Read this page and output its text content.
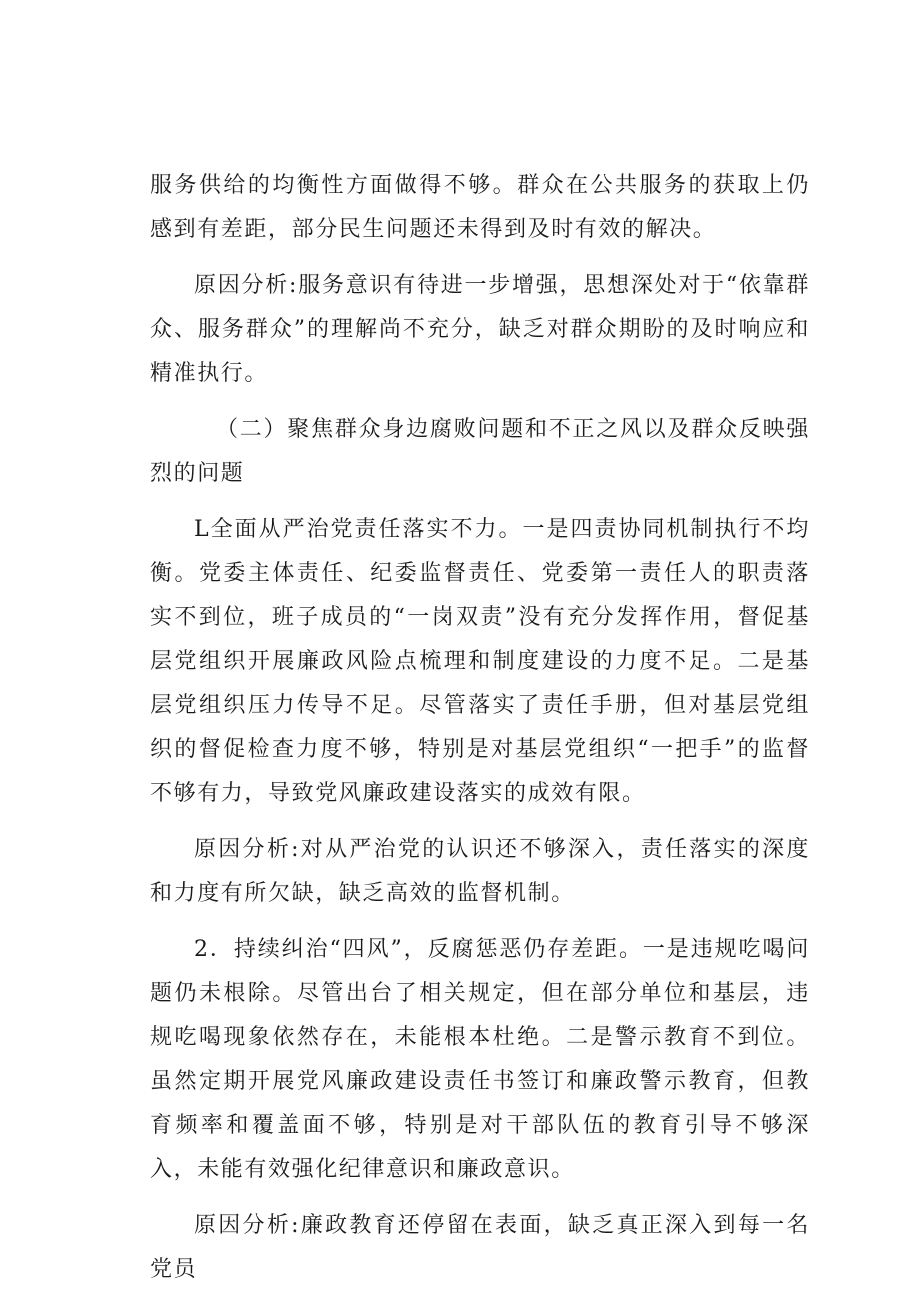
服务供给的均衡性方面做得不够。群众在公共服务的获取上仍感到有差距，部分民生问题还未得到及时有效的解决。

原因分析:服务意识有待进一步增强，思想深处对于“依靠群众、服务群众”的理解尚不充分，缺乏对群众期盼的及时响应和精准执行。

（二）聚焦群众身边腐败问题和不正之风以及群众反映强烈的问题

L全面从严治党责任落实不力。一是四责协同机制执行不均衡。党委主体责任、纪委监督责任、党委第一责任人的职责落实不到位，班子成员的“一岗双责”没有充分发挥作用，督促基层党组织开展廉政风险点梳理和制度建设的力度不足。二是基层党组织压力传导不足。尽管落实了责任手册，但对基层党组织的督促检查力度不够，特别是对基层党组织“一把手”的监督不够有力，导致党风廉政建设落实的成效有限。

原因分析:对从严治党的认识还不够深入，责任落实的深度和力度有所欠缺，缺乏高效的监督机制。

2．持续纠治“四风”，反腐惩恶仍存差距。一是违规吃喝问题仍未根除。尽管出台了相关规定，但在部分单位和基层，违规吃喝现象依然存在，未能根本杜绝。二是警示教育不到位。虽然定期开展党风廉政建设责任书签订和廉政警示教育，但教育频率和覆盖面不够，特别是对干部队伍的教育引导不够深入，未能有效强化纪律意识和廉政意识。

原因分析:廉政教育还停留在表面，缺乏真正深入到每一名党员
